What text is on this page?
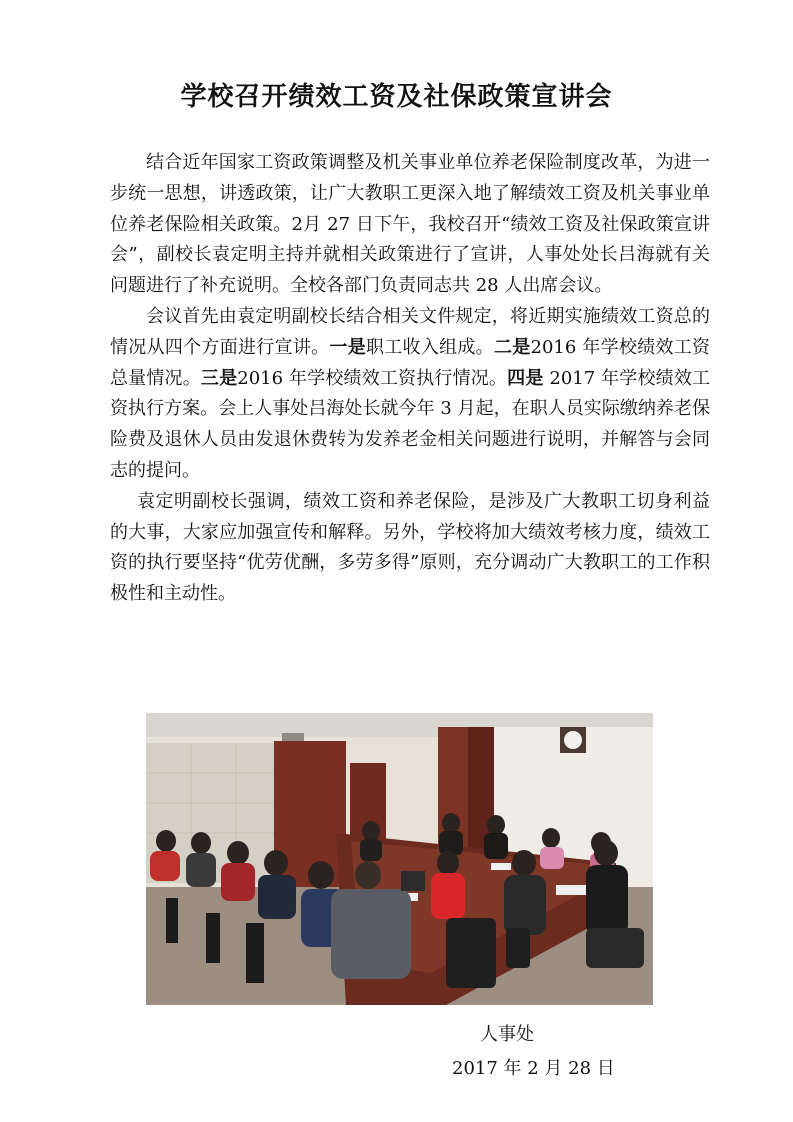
学校召开绩效工资及社保政策宣讲会

结合近年国家工资政策调整及机关事业单位养老保险制度改革，为进一步统一思想，讲透政策，让广大教职工更深入地了解绩效工资及机关事业单位养老保险相关政策。2月 27 日下午，我校召开“绩效工资及社保政策宣讲会”，副校长袁定明主持并就相关政策进行了宣讲，人事处处长吕海就有关问题进行了补充说明。全校各部门负责同志共 28 人出席会议。

会议首先由袁定明副校长结合相关文件规定，将近期实施绩效工资总的情况从四个方面进行宣讲。一是职工收入组成。二是2016 年学校绩效工资总量情况。三是2016 年学校绩效工资执行情况。四是 2017 年学校绩效工资执行方案。会上人事处吕海处长就今年 3 月起，在职人员实际缴纳养老保险费及退休人员由发退休费转为发养老金相关问题进行说明，并解答与会同志的提问。

袁定明副校长强调，绩效工资和养老保险，是涉及广大教职工切身利益的大事，大家应加强宣传和解释。另外，学校将加大绩效考核力度，绩效工资的执行要坚持“优劳优酬，多劳多得”原则，充分调动广大教职工的工作积极性和主动性。

人事处
2017 年 2 月 28 日
